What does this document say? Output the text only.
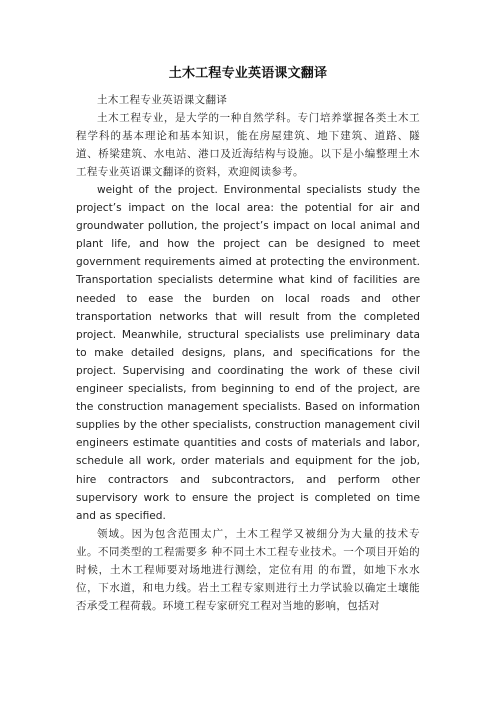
土木工程专业英语课文翻译

土木工程专业英语课文翻译

土木工程专业，是大学的一种自然学科。专门培养掌握各类土木工程学科的基本理论和基本知识，能在房屋建筑、地下建筑、道路、隧道、桥梁建筑、水电站、港口及近海结构与设施。以下是小编整理土木工程专业英语课文翻译的资料，欢迎阅读参考。

weight of the project. Environmental specialists study the project’s impact on the local area: the potential for air and groundwater pollution, the project’s impact on local animal and plant life, and how the project can be designed to meet government requirements aimed at protecting the environment. Transportation specialists determine what kind of facilities are needed to ease the burden on local roads and other transportation networks that will result from the completed project. Meanwhile, structural specialists use preliminary data to make detailed designs, plans, and specifications for the project. Supervising and coordinating the work of these civil engineer specialists, from beginning to end of the project, are the construction management specialists. Based on information supplies by the other specialists, construction management civil engineers estimate quantities and costs of materials and labor, schedule all work, order materials and equipment for the job, hire contractors and subcontractors, and perform other supervisory work to ensure the project is completed on time and as specified.

领域。因为包含范围太广，土木工程学又被细分为大量的技术专业。不同类型的工程需要多 种不同土木工程专业技术。一个项目开始的时候，土木工程师要对场地进行测绘，定位有用 的布置，如地下水水位，下水道，和电力线。岩土工程专家则进行土力学试验以确定土壤能 否承受工程荷载。环境工程专家研究工程对当地的影响，包括对
